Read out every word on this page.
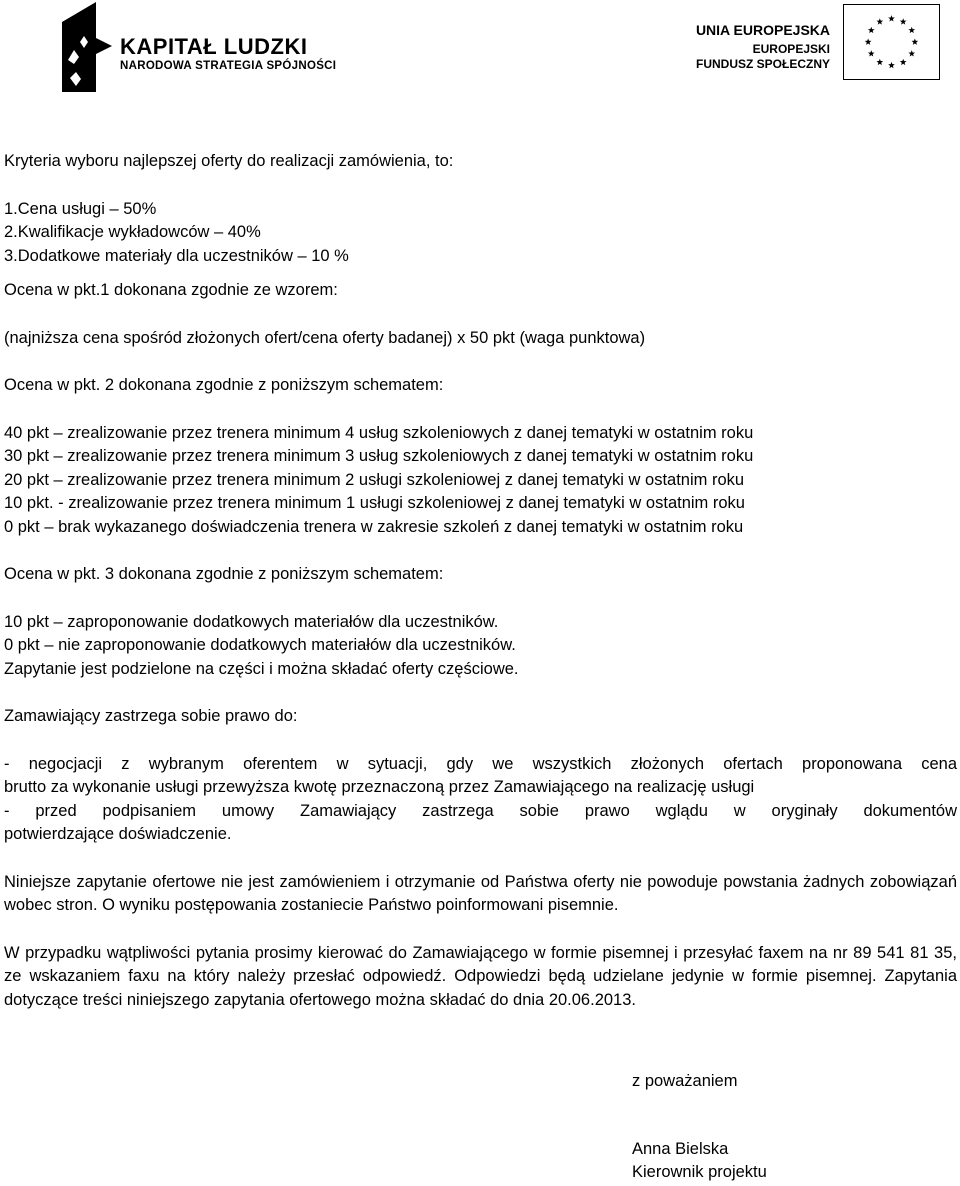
KAPITAŁ LUDZKI
NARODOWA STRATEGIA SPÓJNOŚCI
UNIA EUROPEJSKA
EUROPEJSKI
FUNDUSZ SPOŁECZNY

Kryteria wyboru najlepszej oferty do realizacji zamówienia, to:

1.Cena usługi – 50%

2.Kwalifikacje wykładowców – 40%

3.Dodatkowe materiały dla uczestników – 10 %

Ocena w pkt.1 dokonana zgodnie ze wzorem:

(najniższa cena spośród złożonych ofert/cena oferty badanej) x 50 pkt (waga punktowa)

Ocena w pkt. 2 dokonana zgodnie z poniższym schematem:

40 pkt – zrealizowanie przez trenera minimum 4 usług szkoleniowych z danej tematyki w ostatnim roku

30 pkt – zrealizowanie przez trenera minimum 3 usług szkoleniowych z danej tematyki w ostatnim roku

20 pkt – zrealizowanie przez trenera minimum 2 usługi szkoleniowej z danej tematyki w ostatnim roku

10 pkt. - zrealizowanie przez trenera minimum 1 usługi szkoleniowej z danej tematyki w ostatnim roku

0 pkt – brak wykazanego doświadczenia trenera w zakresie szkoleń z danej tematyki w ostatnim roku

Ocena w pkt. 3 dokonana zgodnie z poniższym schematem:

10 pkt – zaproponowanie dodatkowych materiałów dla uczestników.

0 pkt – nie zaproponowanie dodatkowych materiałów dla uczestników.

Zapytanie jest podzielone na części i można składać oferty częściowe.

Zamawiający zastrzega sobie prawo do:

- negocjacji z wybranym oferentem w sytuacji, gdy we wszystkich złożonych ofertach proponowana cena

brutto za wykonanie usługi przewyższa kwotę przeznaczoną przez Zamawiającego na realizację usługi

- przed podpisaniem umowy Zamawiający zastrzega sobie prawo wglądu w oryginały dokumentów

potwierdzające doświadczenie.

Niniejsze zapytanie ofertowe nie jest zamówieniem i otrzymanie od Państwa oferty nie powoduje powstania żadnych zobowiązań wobec stron. O wyniku postępowania zostaniecie Państwo poinformowani pisemnie.

W przypadku wątpliwości pytania prosimy kierować do Zamawiającego w formie pisemnej i przesyłać faxem na nr 89 541 81 35, ze wskazaniem faxu na który należy przesłać odpowiedź. Odpowiedzi będą udzielane jedynie w formie pisemnej. Zapytania dotyczące treści niniejszego zapytania ofertowego można składać do dnia 20.06.2013.

z poważaniem
Anna Bielska
Kierownik projektu
